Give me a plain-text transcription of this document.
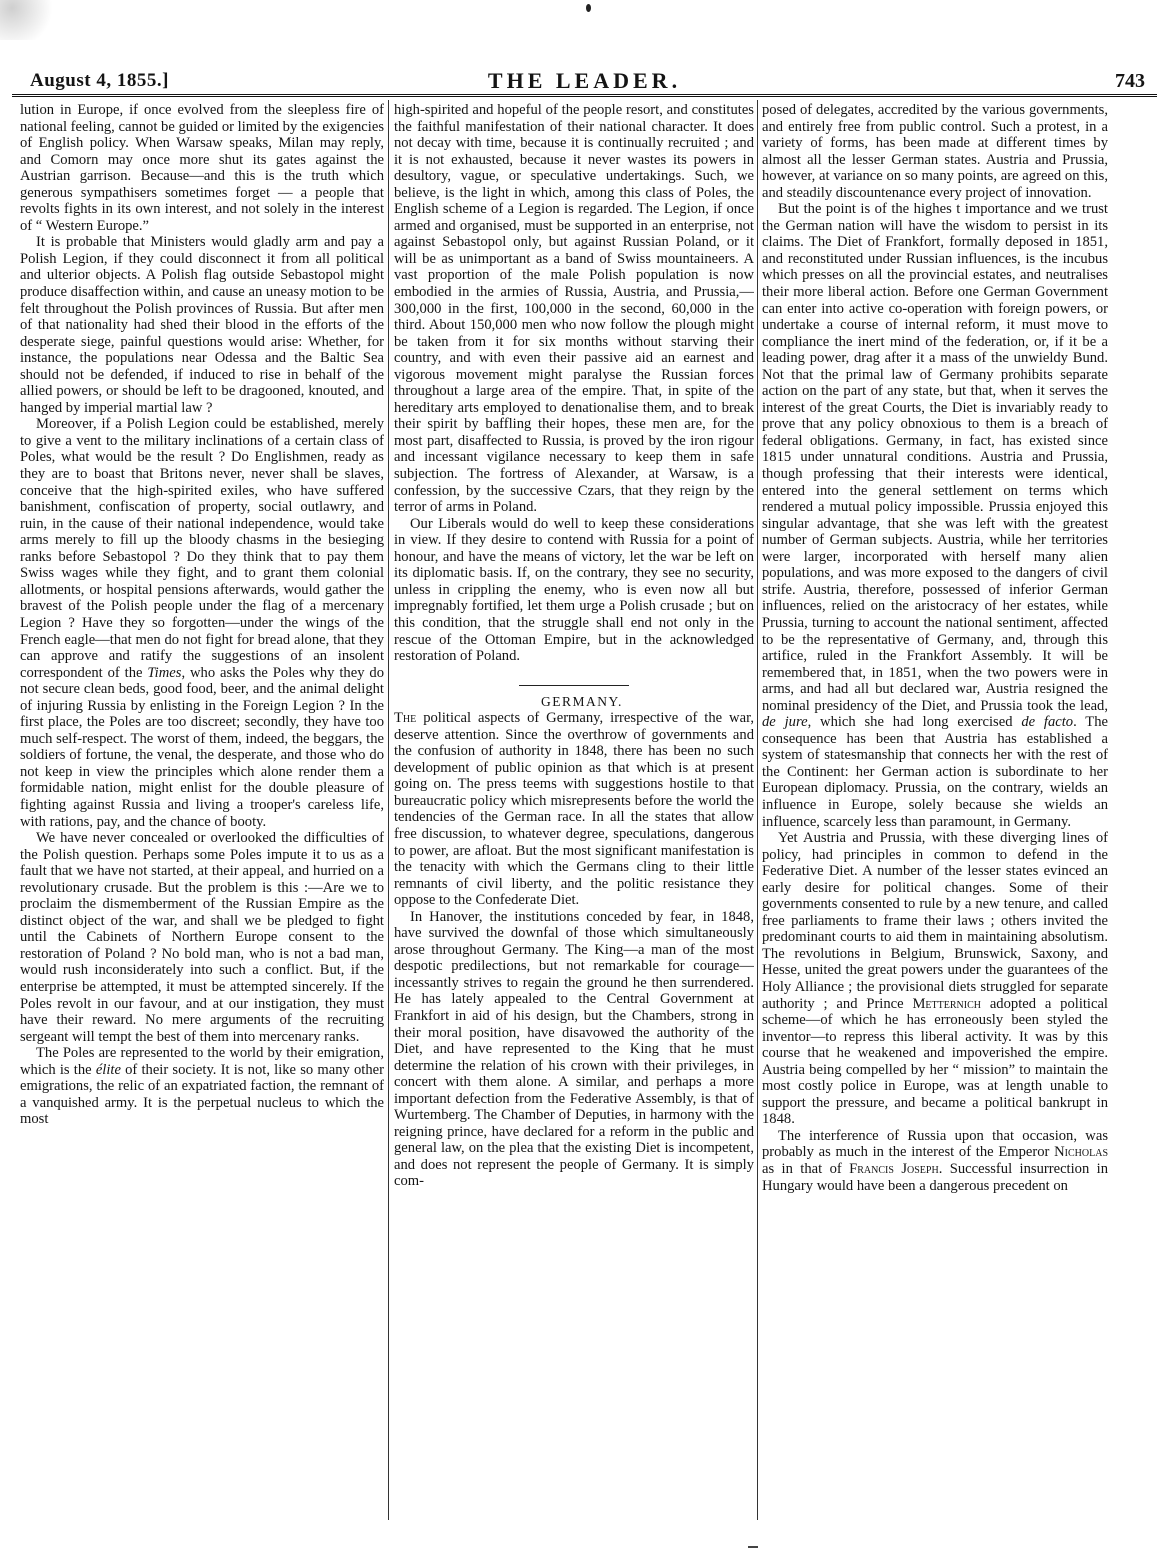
August 4, 1855.]	THE LEADER.	743

lution in Europe, if once evolved from the sleepless fire of national feeling, cannot be guided or limited by the exigencies of English policy. When Warsaw speaks, Milan may reply, and Comorn may once more shut its gates against the Austrian garrison. Because—and this is the truth which generous sympathisers sometimes forget — a people that revolts fights in its own interest, and not solely in the interest of “ Western Europe.”

It is probable that Ministers would gladly arm and pay a Polish Legion, if they could disconnect it from all political and ulterior objects. A Polish flag outside Sebastopol might produce disaffection within, and cause an uneasy motion to be felt throughout the Polish provinces of Russia. But after men of that nationality had shed their blood in the efforts of the desperate siege, painful questions would arise: Whether, for instance, the populations near Odessa and the Baltic Sea should not be defended, if induced to rise in behalf of the allied powers, or should be left to be dragooned, knouted, and hanged by imperial martial law ?

Moreover, if a Polish Legion could be established, merely to give a vent to the military inclinations of a certain class of Poles, what would be the result ? Do Englishmen, ready as they are to boast that Britons never, never shall be slaves, conceive that the high-spirited exiles, who have suffered banishment, confiscation of property, social outlawry, and ruin, in the cause of their national independence, would take arms merely to fill up the bloody chasms in the besieging ranks before Sebastopol ? Do they think that to pay them Swiss wages while they fight, and to grant them colonial allotments, or hospital pensions afterwards, would gather the bravest of the Polish people under the flag of a mercenary Legion ? Have they so forgotten—under the wings of the French eagle—that men do not fight for bread alone, that they can approve and ratify the suggestions of an insolent correspondent of the Times, who asks the Poles why they do not secure clean beds, good food, beer, and the animal delight of injuring Russia by enlisting in the Foreign Legion ? In the first place, the Poles are too discreet; secondly, they have too much self-respect. The worst of them, indeed, the beggars, the soldiers of fortune, the venal, the desperate, and those who do not keep in view the principles which alone render them a formidable nation, might enlist for the double pleasure of fighting against Russia and living a trooper's careless life, with rations, pay, and the chance of booty.

We have never concealed or overlooked the difficulties of the Polish question. Perhaps some Poles impute it to us as a fault that we have not started, at their appeal, and hurried on a revolutionary crusade. But the problem is this :—Are we to proclaim the dismemberment of the Russian Empire as the distinct object of the war, and shall we be pledged to fight until the Cabinets of Northern Europe consent to the restoration of Poland ? No bold man, who is not a bad man, would rush inconsiderately into such a conflict. But, if the enterprise be attempted, it must be attempted sincerely. If the Poles revolt in our favour, and at our instigation, they must have their reward. No mere arguments of the recruiting sergeant will tempt the best of them into mercenary ranks.

The Poles are represented to the world by their emigration, which is the élite of their society. It is not, like so many other emigrations, the relic of an expatriated faction, the remnant of a vanquished army. It is the perpetual nucleus to which the most

high-spirited and hopeful of the people resort, and constitutes the faithful manifestation of their national character. It does not decay with time, because it is continually recruited ; and it is not exhausted, because it never wastes its powers in desultory, vague, or speculative undertakings. Such, we believe, is the light in which, among this class of Poles, the English scheme of a Legion is regarded. The Legion, if once armed and organised, must be supported in an enterprise, not against Sebastopol only, but against Russian Poland, or it will be as unimportant as a band of Swiss mountaineers. A vast proportion of the male Polish population is now embodied in the armies of Russia, Austria, and Prussia,—300,000 in the first, 100,000 in the second, 60,000 in the third. About 150,000 men who now follow the plough might be taken from it for six months without starving their country, and with even their passive aid an earnest and vigorous movement might paralyse the Russian forces throughout a large area of the empire. That, in spite of the hereditary arts employed to denationalise them, and to break their spirit by baffling their hopes, these men are, for the most part, disaffected to Russia, is proved by the iron rigour and incessant vigilance necessary to keep them in safe subjection. The fortress of Alexander, at Warsaw, is a confession, by the successive Czars, that they reign by the terror of arms in Poland.

Our Liberals would do well to keep these considerations in view. If they desire to contend with Russia for a point of honour, and have the means of victory, let the war be left on its diplomatic basis. If, on the contrary, they see no security, unless in crippling the enemy, who is even now all but impregnably fortified, let them urge a Polish crusade ; but on this condition, that the struggle shall end not only in the rescue of the Ottoman Empire, but in the acknowledged restoration of Poland.

GERMANY.

The political aspects of Germany, irrespective of the war, deserve attention. Since the overthrow of governments and the confusion of authority in 1848, there has been no such development of public opinion as that which is at present going on. The press teems with suggestions hostile to that bureaucratic policy which misrepresents before the world the tendencies of the German race. In all the states that allow free discussion, to whatever degree, speculations, dangerous to power, are afloat. But the most significant manifestation is the tenacity with which the Germans cling to their little remnants of civil liberty, and the politic resistance they oppose to the Confederate Diet.

In Hanover, the institutions conceded by fear, in 1848, have survived the downfal of those which simultaneously arose throughout Germany. The King—a man of the most despotic predilections, but not remarkable for courage—incessantly strives to regain the ground he then surrendered. He has lately appealed to the Central Government at Frankfort in aid of his design, but the Chambers, strong in their moral position, have disavowed the authority of the Diet, and have represented to the King that he must determine the relation of his crown with their privileges, in concert with them alone. A similar, and perhaps a more important defection from the Federative Assembly, is that of Wurtemberg. The Chamber of Deputies, in harmony with the reigning prince, have declared for a reform in the public and general law, on the plea that the existing Diet is incompetent, and does not represent the people of Germany. It is simply com-

posed of delegates, accredited by the various governments, and entirely free from public control. Such a protest, in a variety of forms, has been made at different times by almost all the lesser German states. Austria and Prussia, however, at variance on so many points, are agreed on this, and steadily discountenance every project of innovation.

But the point is of the highes t importance and we trust the German nation will have the wisdom to persist in its claims. The Diet of Frankfort, formally deposed in 1851, and reconstituted under Russian influences, is the incubus which presses on all the provincial estates, and neutralises their more liberal action. Before one German Government can enter into active co-operation with foreign powers, or undertake a course of internal reform, it must move to compliance the inert mind of the federation, or, if it be a leading power, drag after it a mass of the unwieldy Bund. Not that the primal law of Germany prohibits separate action on the part of any state, but that, when it serves the interest of the great Courts, the Diet is invariably ready to prove that any policy obnoxious to them is a breach of federal obligations. Germany, in fact, has existed since 1815 under unnatural conditions. Austria and Prussia, though professing that their interests were identical, entered into the general settlement on terms which rendered a mutual policy impossible. Prussia enjoyed this singular advantage, that she was left with the greatest number of German subjects. Austria, while her territories were larger, incorporated with herself many alien populations, and was more exposed to the dangers of civil strife. Austria, therefore, possessed of inferior German influences, relied on the aristocracy of her estates, while Prussia, turning to account the national sentiment, affected to be the representative of Germany, and, through this artifice, ruled in the Frankfort Assembly. It will be remembered that, in 1851, when the two powers were in arms, and had all but declared war, Austria resigned the nominal presidency of the Diet, and Prussia took the lead, de jure, which she had long exercised de facto. The consequence has been that Austria has established a system of statesmanship that connects her with the rest of the Continent: her German action is subordinate to her European diplomacy. Prussia, on the contrary, wields an influence in Europe, solely because she wields an influence, scarcely less than paramount, in Germany.

Yet Austria and Prussia, with these diverging lines of policy, had principles in common to defend in the Federative Diet. A number of the lesser states evinced an early desire for political changes. Some of their governments consented to rule by a new tenure, and called free parliaments to frame their laws ; others invited the predominant courts to aid them in maintaining absolutism. The revolutions in Belgium, Brunswick, Saxony, and Hesse, united the great powers under the guarantees of the Holy Alliance ; the provisional diets struggled for separate authority ; and Prince Metternich adopted a political scheme—of which he has erroneously been styled the inventor—to repress this liberal activity. It was by this course that he weakened and impoverished the empire. Austria being compelled by her “ mission” to maintain the most costly police in Europe, was at length unable to support the pressure, and became a political bankrupt in 1848.

The interference of Russia upon that occasion, was probably as much in the interest of the Emperor Nicholas as in that of Francis Joseph. Successful insurrection in Hungary would have been a dangerous precedent on
